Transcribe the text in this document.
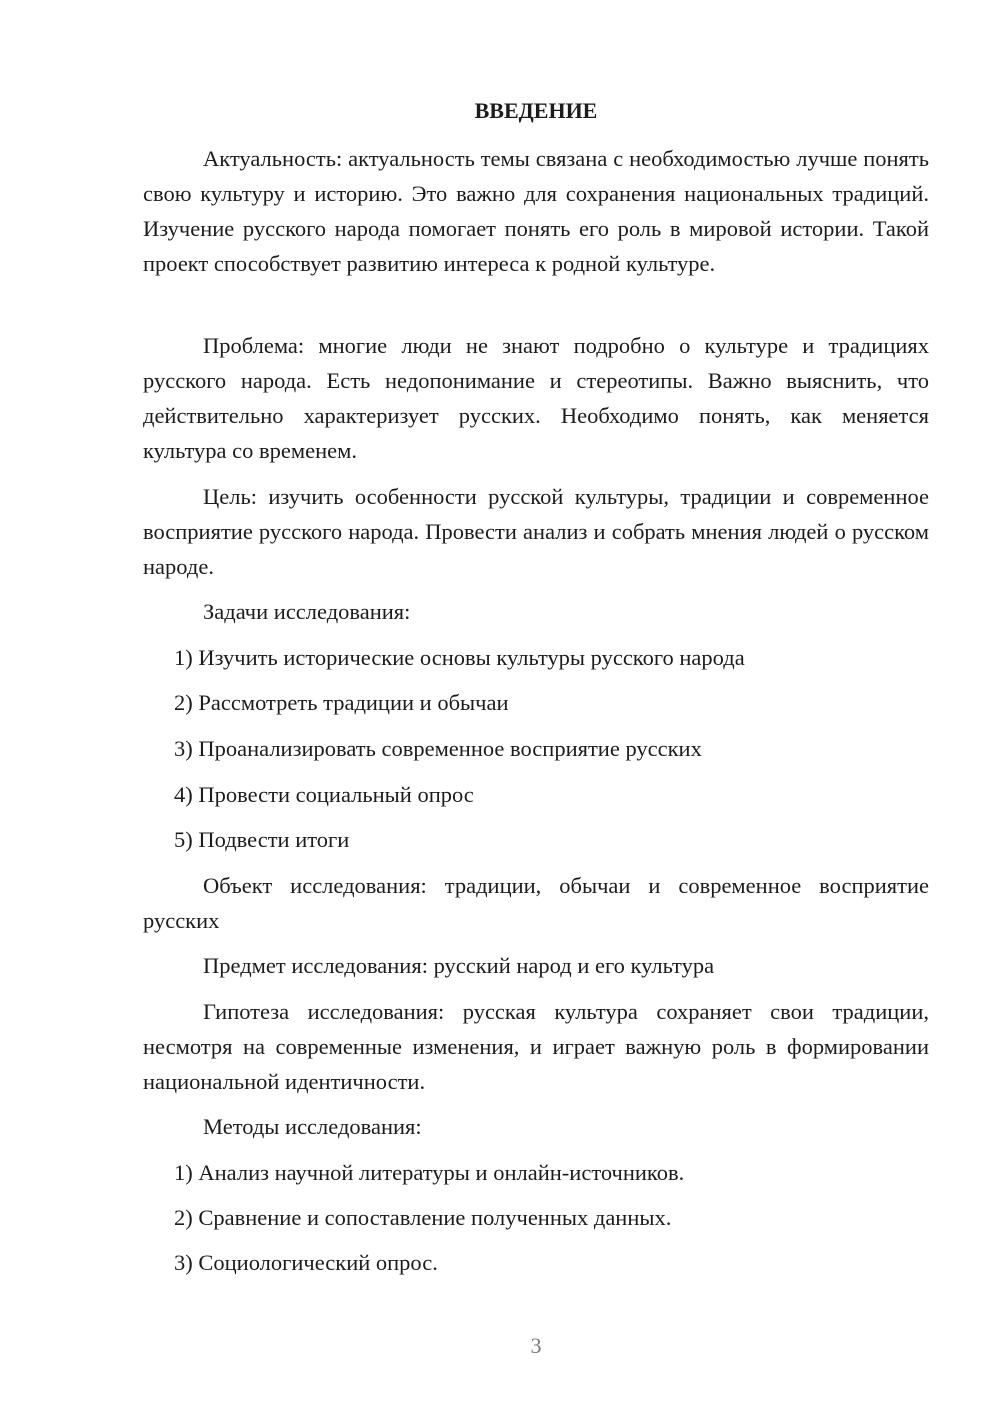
ВВЕДЕНИЕ

Актуальность: актуальность темы связана с необходимостью лучше понять свою культуру и историю. Это важно для сохранения национальных традиций. Изучение русского народа помогает понять его роль в мировой истории. Такой проект способствует развитию интереса к родной культуре.

Проблема: многие люди не знают подробно о культуре и традициях русского народа. Есть недопонимание и стереотипы. Важно выяснить, что действительно характеризует русских. Необходимо понять, как меняется культура со временем.

Цель: изучить особенности русской культуры, традиции и современное восприятие русского народа. Провести анализ и собрать мнения людей о русском народе.

Задачи исследования:

1) Изучить исторические основы культуры русского народа

2) Рассмотреть традиции и обычаи

3) Проанализировать современное восприятие русских

4) Провести социальный опрос

5) Подвести итоги

Объект исследования: традиции, обычаи и современное восприятие русских

Предмет исследования: русский народ и его культура

Гипотеза исследования: русская культура сохраняет свои традиции, несмотря на современные изменения, и играет важную роль в формировании национальной идентичности.

Методы исследования:

1) Анализ научной литературы и онлайн-источников.

2) Сравнение и сопоставление полученных данных.

3) Социологический опрос.

3
